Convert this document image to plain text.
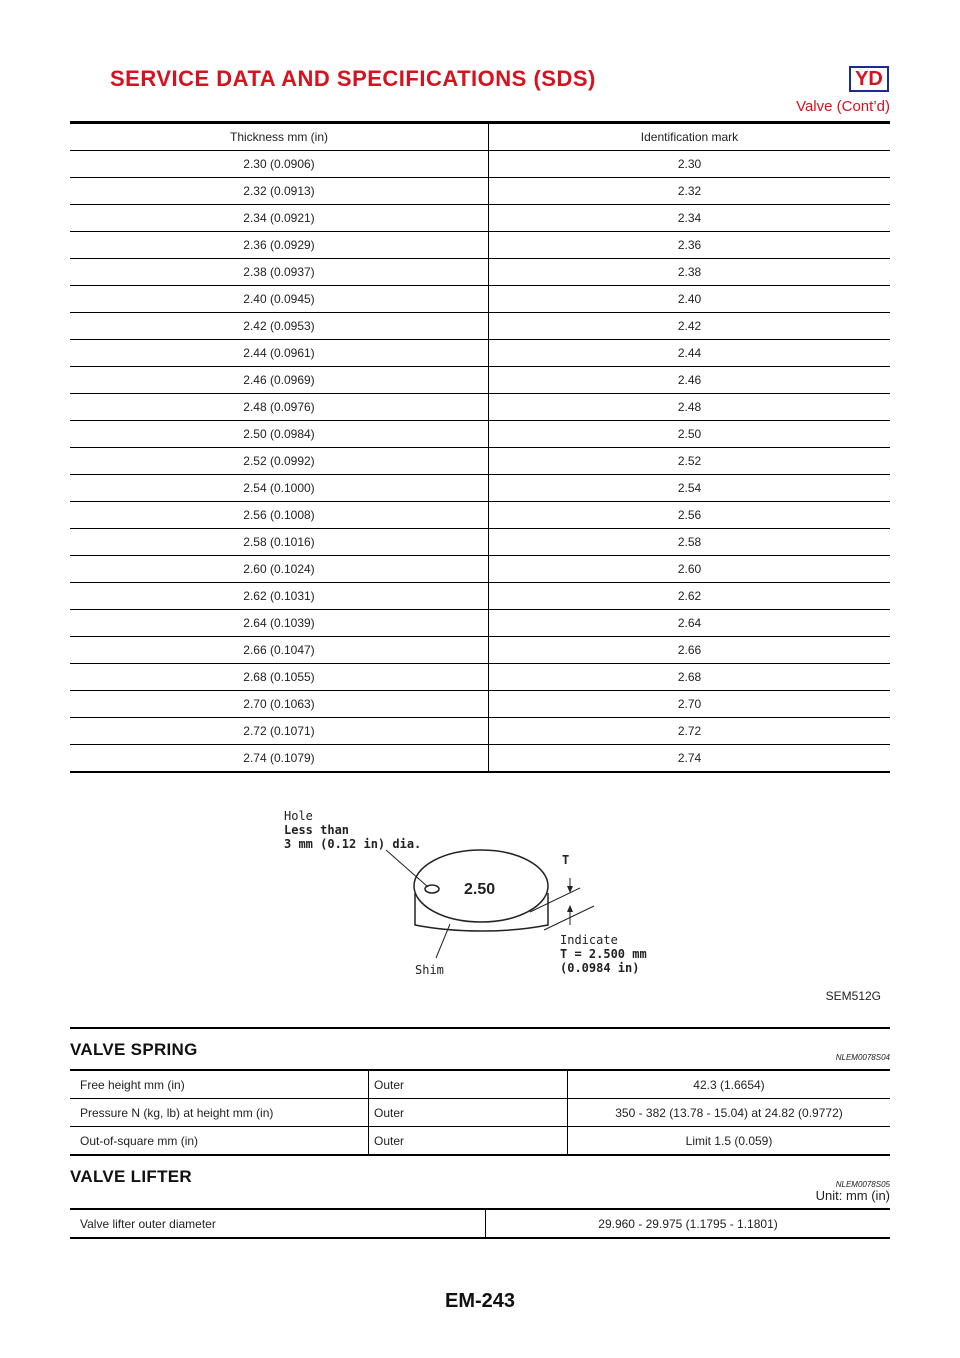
SERVICE DATA AND SPECIFICATIONS (SDS)	YD
Valve (Cont’d)
Thickness mm (in)	Identification mark
2.30 (0.0906)	2.30
2.32 (0.0913)	2.32
2.34 (0.0921)	2.34
2.36 (0.0929)	2.36
2.38 (0.0937)	2.38
2.40 (0.0945)	2.40
2.42 (0.0953)	2.42
2.44 (0.0961)	2.44
2.46 (0.0969)	2.46
2.48 (0.0976)	2.48
2.50 (0.0984)	2.50
2.52 (0.0992)	2.52
2.54 (0.1000)	2.54
2.56 (0.1008)	2.56
2.58 (0.1016)	2.58
2.60 (0.1024)	2.60
2.62 (0.1031)	2.62
2.64 (0.1039)	2.64
2.66 (0.1047)	2.66
2.68 (0.1055)	2.68
2.70 (0.1063)	2.70
2.72 (0.1071)	2.72
2.74 (0.1079)	2.74
2.50
T
Hole
Less than
3 mm (0.12 in) dia.
Indicate
T = 2.500 mm
(0.0984 in)
Shim
SEM512G
VALVE SPRING	NLEM0078S04
Free height mm (in)	Outer	42.3 (1.6654)
Pressure N (kg, lb) at height mm (in)	Outer	350 - 382 (13.78 - 15.04) at 24.82 (0.9772)
Out-of-square mm (in)	Outer	Limit 1.5 (0.059)
VALVE LIFTER	NLEM0078S05
Unit: mm (in)
Valve lifter outer diameter	29.960 - 29.975 (1.1795 - 1.1801)
EM-243
